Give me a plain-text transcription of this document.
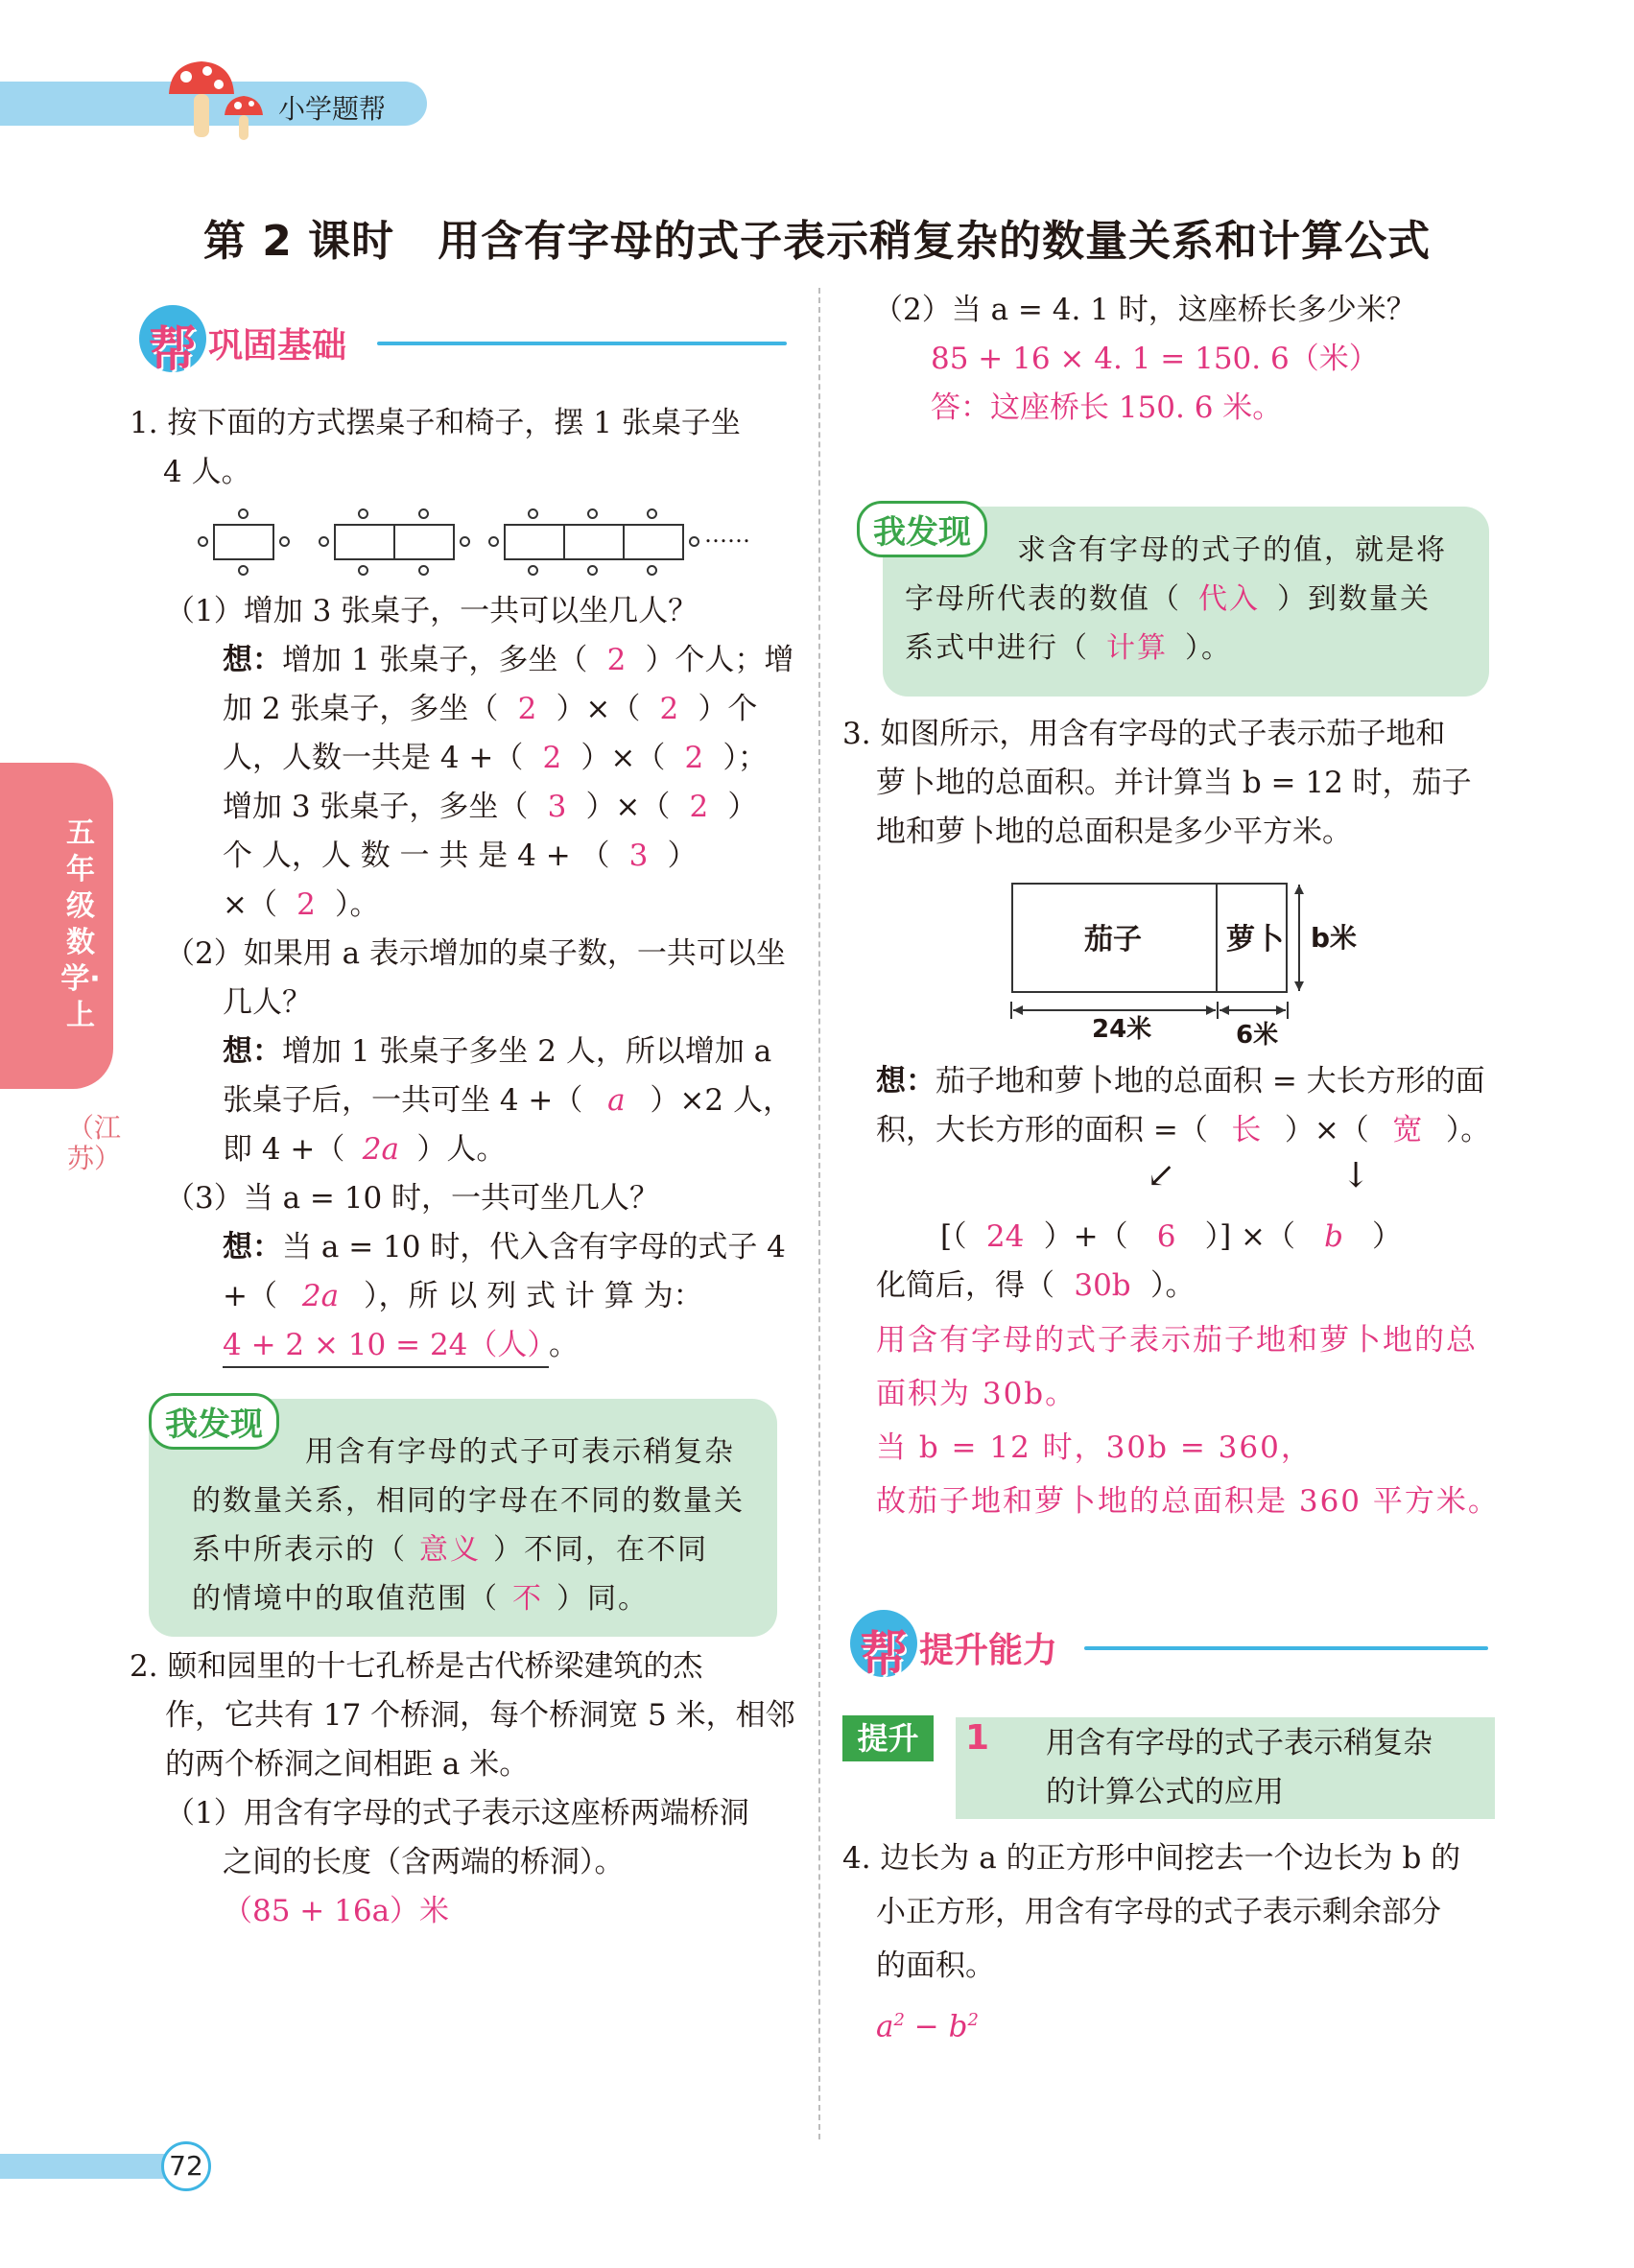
小学题帮
第 2 课时　用含有字母的式子表示稍复杂的数量关系和计算公式
五年级数学·上
（江苏）
帮 巩固基础
1. 按下面的方式摆桌子和椅子，摆 1 张桌子坐
4 人。
……
（1）增加 3 张桌子，一共可以坐几人？
想：增加 1 张桌子，多坐（ 2 ）个人；增
加 2 张桌子，多坐（ 2 ）×（ 2 ）个
人，人数一共是 4 +（ 2 ）×（ 2 ）；
增加 3 张桌子，多坐（ 3 ）×（ 2 ）
个 人，人 数 一 共 是 4 + （ 3 ）
×（ 2 ）。
（2）如果用 a 表示增加的桌子数，一共可以坐
几人？
想：增加 1 张桌子多坐 2 人，所以增加 a
张桌子后，一共可坐 4 +（ a ）×2 人，
即 4 +（ 2a ）人。
（3）当 a = 10 时，一共可坐几人？
想：当 a = 10 时，代入含有字母的式子 4
+（ 2a ），所 以 列 式 计 算 为：
4 + 2 × 10 = 24（人）。
我发现
用含有字母的式子可表示稍复杂
的数量关系，相同的字母在不同的数量关
系中所表示的（ 意义 ）不同，在不同
的情境中的取值范围（ 不 ）同。
2. 颐和园里的十七孔桥是古代桥梁建筑的杰
作，它共有 17 个桥洞，每个桥洞宽 5 米，相邻
的两个桥洞之间相距 a 米。
（1）用含有字母的式子表示这座桥两端桥洞
之间的长度（含两端的桥洞）。
（85 + 16a）米
（2）当 a = 4. 1 时，这座桥长多少米？
85 + 16 × 4. 1 = 150. 6（米）
答：这座桥长 150. 6 米。
我发现	求含有字母的式子的值，就是将
字母所代表的数值（ 代入 ）到数量关
系式中进行（ 计算 ）。
3. 如图所示，用含有字母的式子表示茄子地和
萝卜地的总面积。并计算当 b = 12 时，茄子
地和萝卜地的总面积是多少平方米。
茄子	萝卜 b米
24米	6米
想：茄子地和萝卜地的总面积 = 大长方形的面
积，大长方形的面积 =（ 长 ）×（ 宽 ）。
↙	↓
[（ 24 ）+（ 6 ）] ×（ b ）
化简后，得（ 30b ）。
用含有字母的式子表示茄子地和萝卜地的总
面积为 30b。
当 b = 12 时，30b = 360，
故茄子地和萝卜地的总面积是 360 平方米。
帮 提升能力
提升点
1 用含有字母的式子表示稍复杂
的计算公式的应用
4. 边长为 a 的正方形中间挖去一个边长为 b 的
小正方形，用含有字母的式子表示剩余部分
的面积。
$a^2 - b^2$
72
